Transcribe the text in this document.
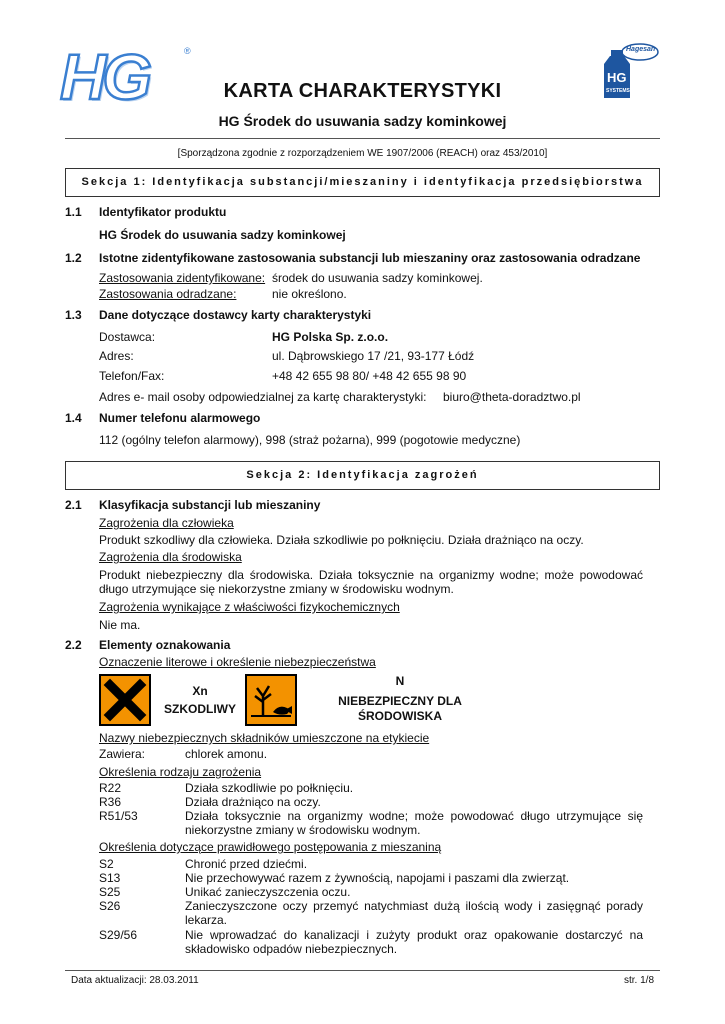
HG	®
KARTA CHARAKTERYSTYKI
HG Środek do usuwania sadzy kominkowej
Hagesan
HG
SYSTEMS
[Sporządzona zgodnie z rozporządzeniem WE 1907/2006 (REACH) oraz 453/2010]
Sekcja 1: Identyfikacja substancji/mieszaniny i identyfikacja przedsiębiorstwa
1.1 Identyfikator produktu
HG Środek do usuwania sadzy kominkowej
1.2 Istotne zidentyfikowane zastosowania substancji lub mieszaniny oraz zastosowania odradzane
Zastosowania zidentyfikowane: środek do usuwania sadzy kominkowej.
Zastosowania odradzane:	nie określono.
1.3 Dane dotyczące dostawcy karty charakterystyki
Dostawca:	HG Polska Sp. z.o.o.
Adres:	ul. Dąbrowskiego 17 /21, 93-177 Łódź
Telefon/Fax:	+48 42 655 98 80/ +48 42 655 98 90
Adres e- mail osoby odpowiedzialnej za kartę charakterystyki: biuro@theta-doradztwo.pl
1.4 Numer telefonu alarmowego
112 (ogólny telefon alarmowy), 998 (straż pożarna), 999 (pogotowie medyczne)
Sekcja 2: Identyfikacja zagrożeń
2.1 Klasyfikacja substancji lub mieszaniny
Zagrożenia dla człowieka
Produkt szkodliwy dla człowieka. Działa szkodliwie po połknięciu. Działa drażniąco na oczy.
Zagrożenia dla środowiska
Produkt niebezpieczny dla środowiska. Działa toksycznie na organizmy wodne; może powodować długo utrzymujące się niekorzystne zmiany w środowisku wodnym.
Zagrożenia wynikające z właściwości fizykochemicznych
Nie ma.
2.2 Elementy oznakowania
Oznaczenie literowe i określenie niebezpieczeństwa
Xn
SZKODLIWY
N
NIEBEZPIECZNY DLA
ŚRODOWISKA
Nazwy niebezpiecznych składników umieszczone na etykiecie
Zawiera:	chlorek amonu.
Określenia rodzaju zagrożenia
R22	Działa szkodliwie po połknięciu.
R36	Działa drażniąco na oczy.
R51/53	Działa toksycznie na organizmy wodne; może powodować długo utrzymujące się niekorzystne zmiany w środowisku wodnym.
Określenia dotyczące prawidłowego postępowania z mieszaniną
S2	Chronić przed dziećmi.
S13	Nie przechowywać razem z żywnością, napojami i paszami dla zwierząt.
S25	Unikać zanieczyszczenia oczu.
S26	Zanieczyszczone oczy przemyć natychmiast dużą ilością wody i zasięgnąć porady lekarza.
S29/56	Nie wprowadzać do kanalizacji i zużyty produkt oraz opakowanie dostarczyć na składowisko odpadów niebezpiecznych.
Data aktualizacji: 28.03.2011	str. 1/8
